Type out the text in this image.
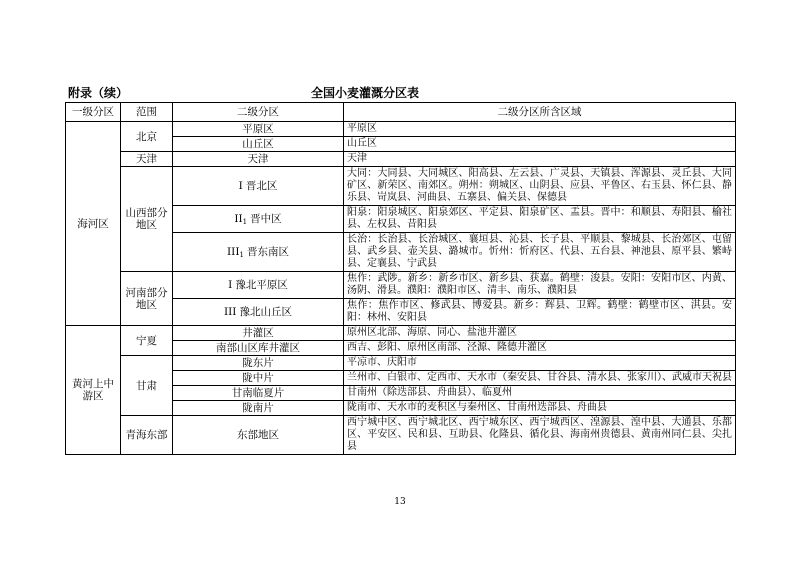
附录（续）	全国小麦灌溉分区表
一级分区	范围	二级分区	二级分区所含区域
海河区	北京	平原区	平原区
		山丘区	山丘区
	天津	天津	天津
	山西部分地区	I 晋北区	大同：大同县、大同城区、阳高县、左云县、广灵县、天镇县、浑源县、灵丘县、大同矿区、新荣区、南郊区。朔州：朔城区、山阴县、应县、平鲁区、右玉县、怀仁县、静乐县、岢岚县、河曲县、五寨县、偏关县、保德县
		$II_1$ 晋中区	阳泉：阳泉城区、阳泉郊区、平定县、阳泉矿区、盂县。晋中：和顺县、寿阳县、榆社县、左权县、昔阳县
		$III_1$ 晋东南区	长治：长治县、长治城区、襄垣县、沁县、长子县、平顺县、黎城县、长治郊区、屯留县、武乡县、壶关县、潞城市。忻州：忻府区、代县、五台县、神池县、原平县、繁峙县、定襄县、宁武县
	河南部分地区	I 豫北平原区	焦作：武陟。新乡：新乡市区、新乡县、获嘉。鹤壁：浚县。安阳：安阳市区、内黄、汤阴、滑县。濮阳：濮阳市区、清丰、南乐、濮阳县
		III 豫北山丘区	焦作：焦作市区、修武县、博爱县。新乡：辉县、卫辉。鹤壁：鹤壁市区、淇县。安阳：林州、安阳县
黄河上中游区	宁夏	井灌区	原州区北部、海原、同心、盐池井灌区
		南部山区库井灌区	西吉、彭阳、原州区南部、泾源、隆德井灌区
	甘肃	陇东片	平凉市、庆阳市
		陇中片	兰州市、白银市、定西市、天水市（秦安县、甘谷县、清水县、张家川）、武威市天祝县
		甘南临夏片	甘南州（除迭部县、舟曲县）、临夏州
		陇南片	陇南市、天水市的麦积区与秦州区、甘南州迭部县、舟曲县
	青海东部	东部地区	西宁城中区、西宁城北区、西宁城东区、西宁城西区、湟源县、湟中县、大通县、乐都区、平安区、民和县、互助县、化隆县、循化县、海南州贵德县、黄南州同仁县、尖扎县
13
